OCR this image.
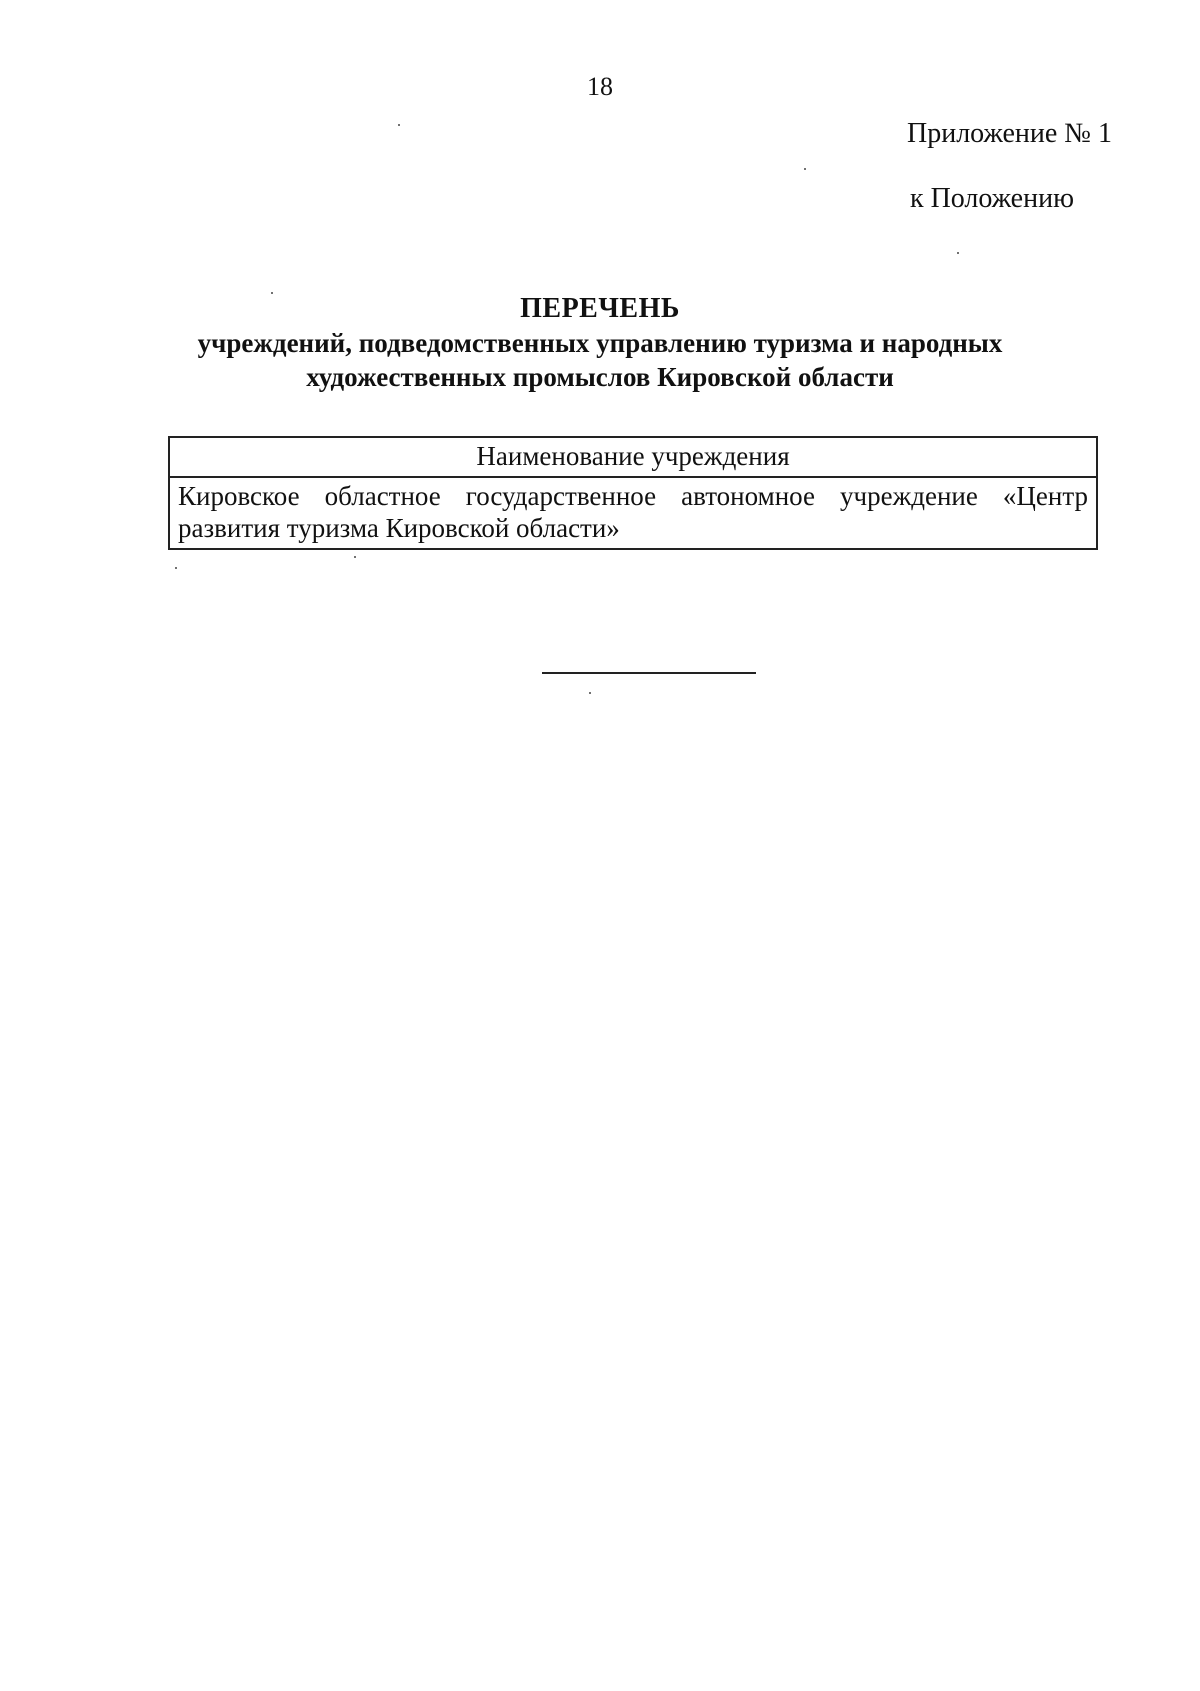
18
Приложение № 1
к Положению
ПЕРЕЧЕНЬ
учреждений, подведомственных управлению туризма и народных
художественных промыслов Кировской области
Наименование учреждения
Кировское областное государственное автономное учреждение «Центр развития туризма Кировской области»
